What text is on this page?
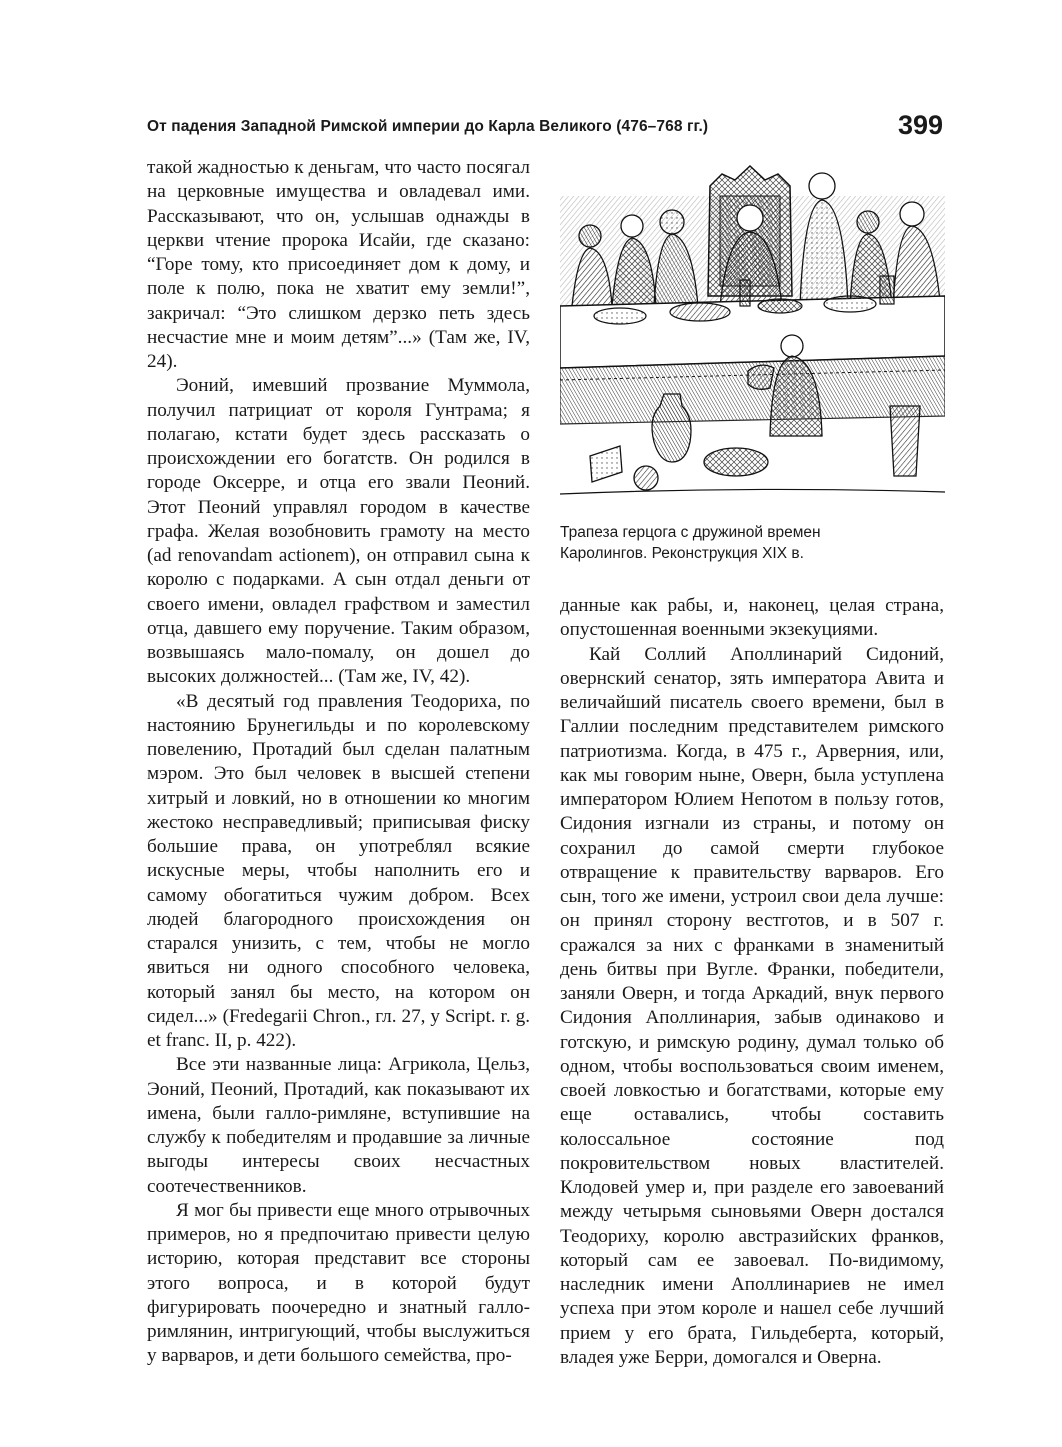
От падения Западной Римской империи до Карла Великого (476–768 гг.)	399

такой жадностью к деньгам, что часто посягал на церковные имущества и овладевал ими. Рассказывают, что он, услышав однажды в церкви чтение пророка Исайи, где сказано: “Горе тому, кто присоединяет дом к дому, и поле к полю, пока не хватит ему земли!”, закричал: “Это слишком дерзко петь здесь несчастие мне и моим детям”...» (Там же, IV, 24).

Эоний, имевший прозвание Муммола, получил патрициат от короля Гунтрама; я полагаю, кстати будет здесь рассказать о происхождении его богатств. Он родился в городе Оксерре, и отца его звали Пеоний. Этот Пеоний управлял городом в качестве графа. Желая возобновить грамоту на место (ad renovandam actionem), он отправил сына к королю с подарками. А сын отдал деньги от своего имени, овладел графством и заместил отца, давшего ему поручение. Таким образом, возвышаясь мало-помалу, он дошел до высоких должностей... (Там же, IV, 42).

«В десятый год правления Теодориха, по настоянию Брунегильды и по королевскому повелению, Протадий был сделан палатным мэром. Это был человек в высшей степени хитрый и ловкий, но в отношении ко многим жестоко несправедливый; приписывая фиску большие права, он употреблял всякие искусные меры, чтобы наполнить его и самому обогатиться чужим добром. Всех людей благородного происхождения он старался унизить, с тем, чтобы не могло явиться ни одного способного человека, который занял бы место, на котором он сидел...» (Fredegarii Chron., гл. 27, у Script. r. g. et franc. II, p. 422).

Все эти названные лица: Агрикола, Цельз, Эоний, Пеоний, Протадий, как показывают их имена, были галло-римляне, вступившие на службу к победителям и продавшие за личные выгоды интересы своих несчастных соотечественников.

Я мог бы привести еще много отрывочных примеров, но я предпочитаю привести целую историю, которая представит все стороны этого вопроса, и в которой будут фигурировать поочередно и знатный галло-римлянин, интригующий, чтобы выслужиться у варваров, и дети большого семейства, про-

Трапеза герцога с дружиной времен
Каролингов. Реконструкция XIX в.

данные как рабы, и, наконец, целая страна, опустошенная военными экзекуциями.

Кай Соллий Аполлинарий Сидоний, овернский сенатор, зять императора Авита и величайший писатель своего времени, был в Галлии последним представителем римского патриотизма. Когда, в 475 г., Арверния, или, как мы говорим ныне, Оверн, была уступлена императором Юлием Непотом в пользу готов, Сидония изгнали из страны, и потому он сохранил до самой смерти глубокое отвращение к правительству варваров. Его сын, того же имени, устроил свои дела лучше: он принял сторону вестготов, и в 507 г. сражался за них с франками в знаменитый день битвы при Вугле. Франки, победители, заняли Оверн, и тогда Аркадий, внук первого Сидония Аполлинария, забыв одинаково и готскую, и римскую родину, думал только об одном, чтобы воспользоваться своим именем, своей ловкостью и богатствами, которые ему еще оставались, чтобы составить колоссальное состояние под покровительством новых властителей. Клодовей умер и, при разделе его завоеваний между четырьмя сыновьями Оверн достался Теодориху, королю австразийских франков, который сам ее завоевал. По-видимому, наследник имени Аполлинариев не имел успеха при этом короле и нашел себе лучший прием у его брата, Гильдеберта, который, владея уже Берри, домогался и Оверна.
